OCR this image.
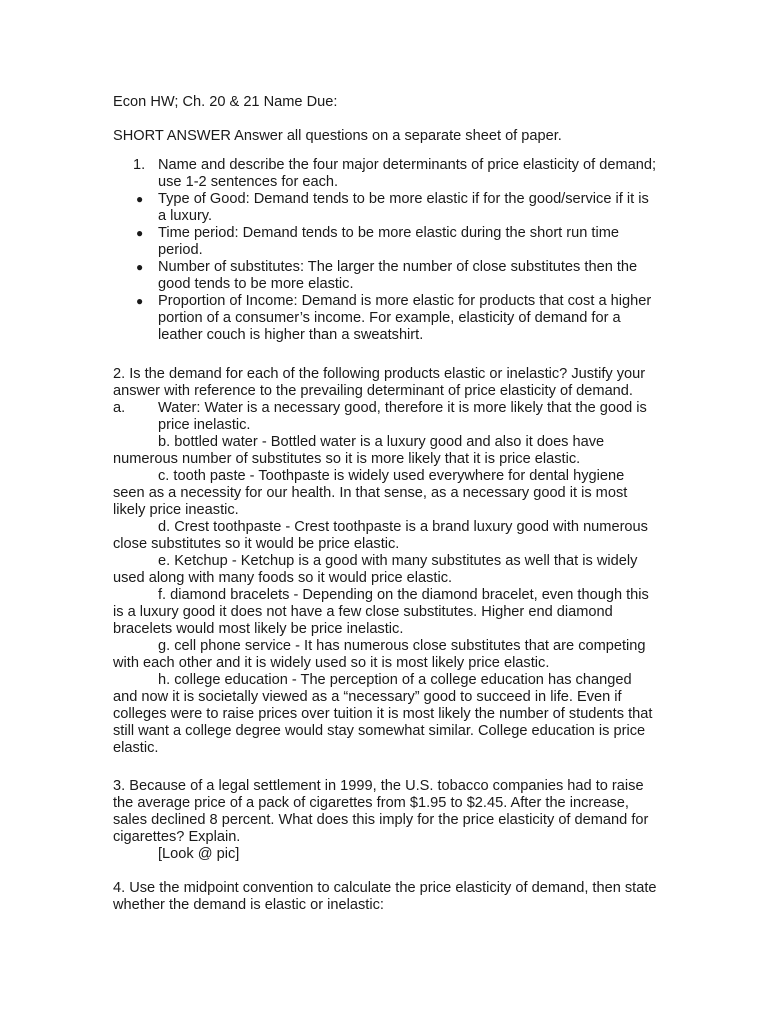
Econ HW; Ch. 20 & 21 Name Due:

SHORT ANSWER Answer all questions on a separate sheet of paper.

1. Name and describe the four major determinants of price elasticity of demand; use 1-2 sentences for each.
● Type of Good: Demand tends to be more elastic if for the good/service if it is a luxury.
● Time period: Demand tends to be more elastic during the short run time period.
● Number of substitutes: The larger the number of close substitutes then the good tends to be more elastic.
● Proportion of Income: Demand is more elastic for products that cost a higher portion of a consumer’s income. For example, elasticity of demand for a leather couch is higher than a sweatshirt.

2. Is the demand for each of the following products elastic or inelastic? Justify your answer with reference to the prevailing determinant of price elasticity of demand.

a.	Water: Water is a necessary good, therefore it is more likely that the good is price inelastic.

b. bottled water - Bottled water is a luxury good and also it does have numerous number of substitutes so it is more likely that it is price elastic.

c. tooth paste - Toothpaste is widely used everywhere for dental hygiene seen as a necessity for our health. In that sense, as a necessary good it is most likely price ineastic.

d. Crest toothpaste - Crest toothpaste is a brand luxury good with numerous close substitutes so it would be price elastic.

e. Ketchup - Ketchup is a good with many substitutes as well that is widely used along with many foods so it would price elastic.

f. diamond bracelets - Depending on the diamond bracelet, even though this is a luxury good it does not have a few close substitutes. Higher end diamond bracelets would most likely be price inelastic.

g. cell phone service - It has numerous close substitutes that are competing with each other and it is widely used so it is most likely price elastic.

h. college education - The perception of a college education has changed and now it is societally viewed as a “necessary” good to succeed in life. Even if colleges were to raise prices over tuition it is most likely the number of students that still want a college degree would stay somewhat similar. College education is price elastic.

3. Because of a legal settlement in 1999, the U.S. tobacco companies had to raise the average price of a pack of cigarettes from $1.95 to $2.45. After the increase, sales declined 8 percent. What does this imply for the price elasticity of demand for cigarettes? Explain.

[Look @ pic]

4. Use the midpoint convention to calculate the price elasticity of demand, then state whether the demand is elastic or inelastic:
